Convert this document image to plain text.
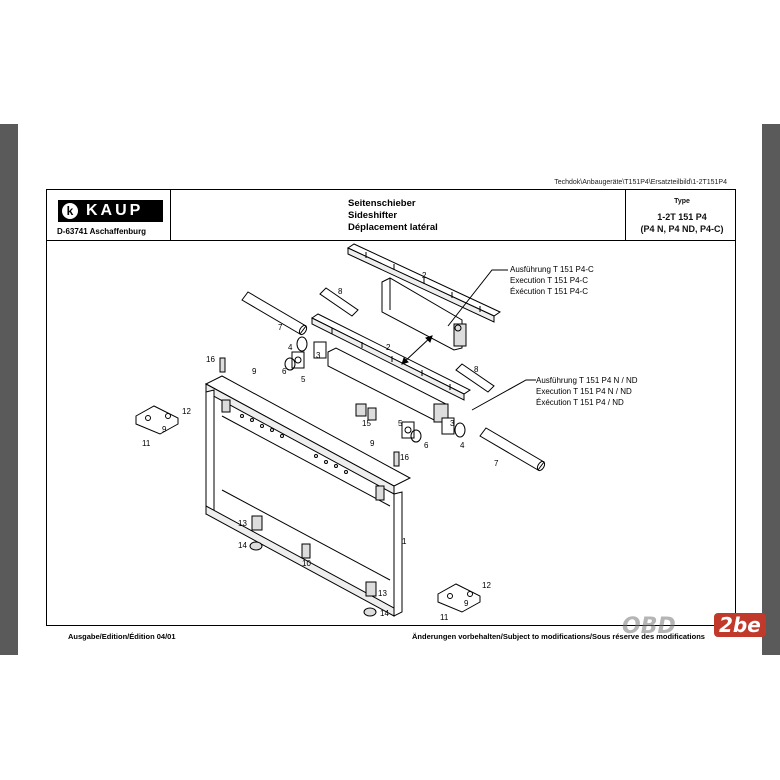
Techdok\Anbaugeräte\T151P4\Ersatzteilbild\1-2T151P4
k KAUP
D-63741 Aschaffenburg
Seitenschieber
Sideshifter
Déplacement latéral
Type
1-2T 151 P4
(P4 N, P4 ND, P4-C)
2
2
7
7
8
8
3
3
4
4
5
5
6
6
1
9
9
9
9
10
11
11
12
12
13
13
14
14
15
16
16
Ausführung T 151 P4-C
Execution T 151 P4-C
Éxécution T 151 P4-C
Ausführung T 151 P4 N / ND
Execution T 151 P4 N / ND
Éxécution T 151 P4 / ND
Ausgabe/Edition/Édition 04/01	Änderungen vorbehalten/Subject to modifications/Sous réserve des modifications
OBD 2be
